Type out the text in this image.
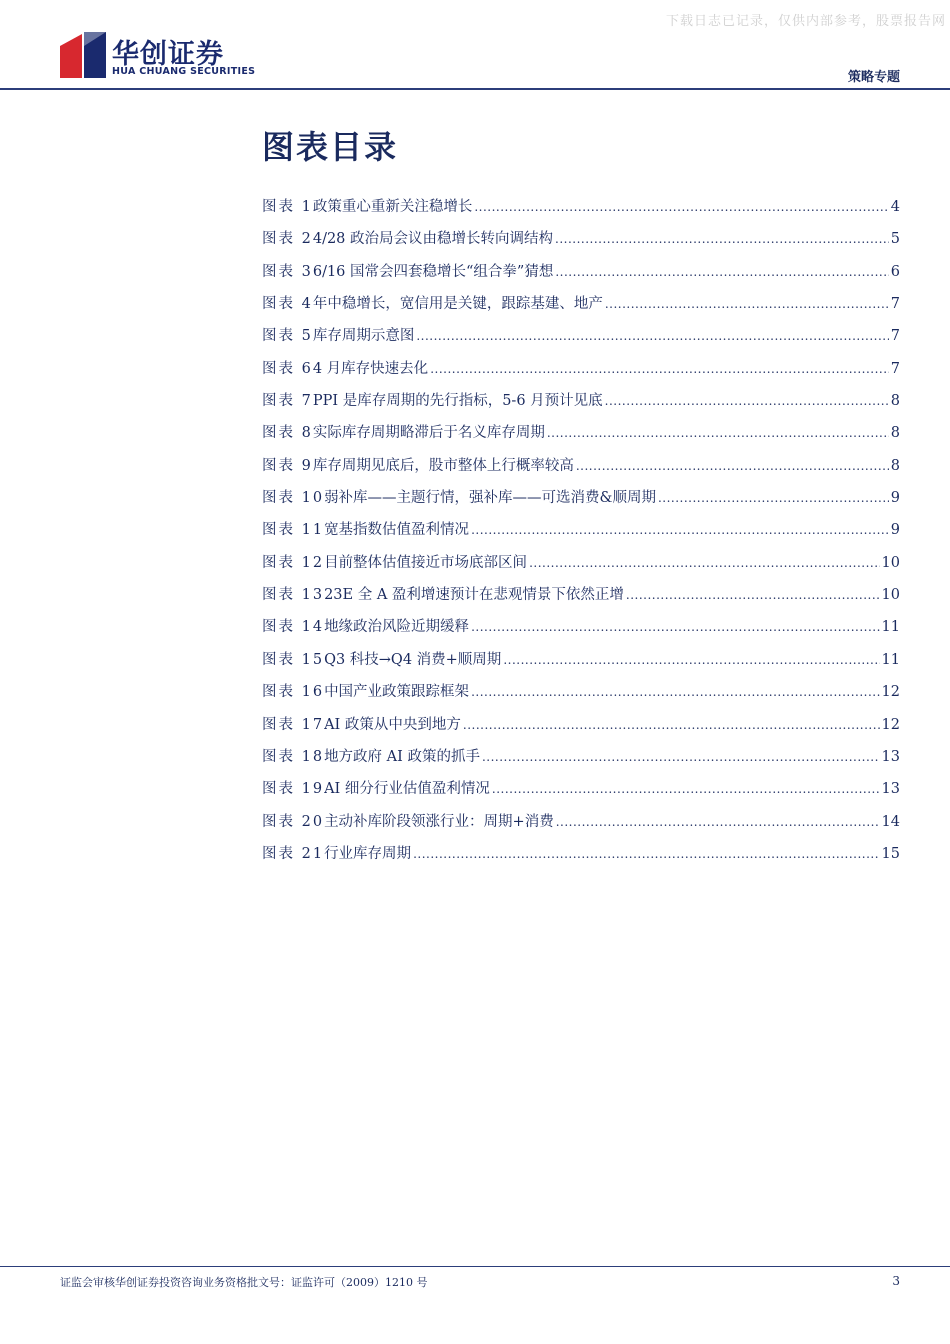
下载日志已记录，仅供内部参考，股票报告网
华创证券
HUA CHUANG SECURITIES	策略专题
图表目录
图表 1 政策重心重新关注稳增长 .....	4
图表 2 4/28 政治局会议由稳增长转向调结构 .....	5
图表 3 6/16 国常会四套稳增长“组合拳”猜想 .....	6
图表 4 年中稳增长，宽信用是关键，跟踪基建、地产 .....	7
图表 5 库存周期示意图 .....	7
图表 6 4 月库存快速去化 .....	7
图表 7 PPI 是库存周期的先行指标，5-6 月预计见底 .....	8
图表 8 实际库存周期略滞后于名义库存周期 .....	8
图表 9 库存周期见底后，股市整体上行概率较高 .....	8
图表 10 弱补库——主题行情，强补库——可选消费&顺周期 .....	9
图表 11 宽基指数估值盈利情况 .....	9
图表 12 目前整体估值接近市场底部区间 .....	10
图表 13 23E 全 A 盈利增速预计在悲观情景下依然正增 .....	10
图表 14 地缘政治风险近期缓释 .....	11
图表 15 Q3 科技→Q4 消费+顺周期 .....	11
图表 16 中国产业政策跟踪框架 .....	12
图表 17 AI 政策从中央到地方 .....	12
图表 18 地方政府 AI 政策的抓手 .....	13
图表 19 AI 细分行业估值盈利情况 .....	13
图表 20 主动补库阶段领涨行业：周期+消费 .....	14
图表 21 行业库存周期 .....	15
证监会审核华创证券投资咨询业务资格批文号：证监许可（2009）1210 号	3
